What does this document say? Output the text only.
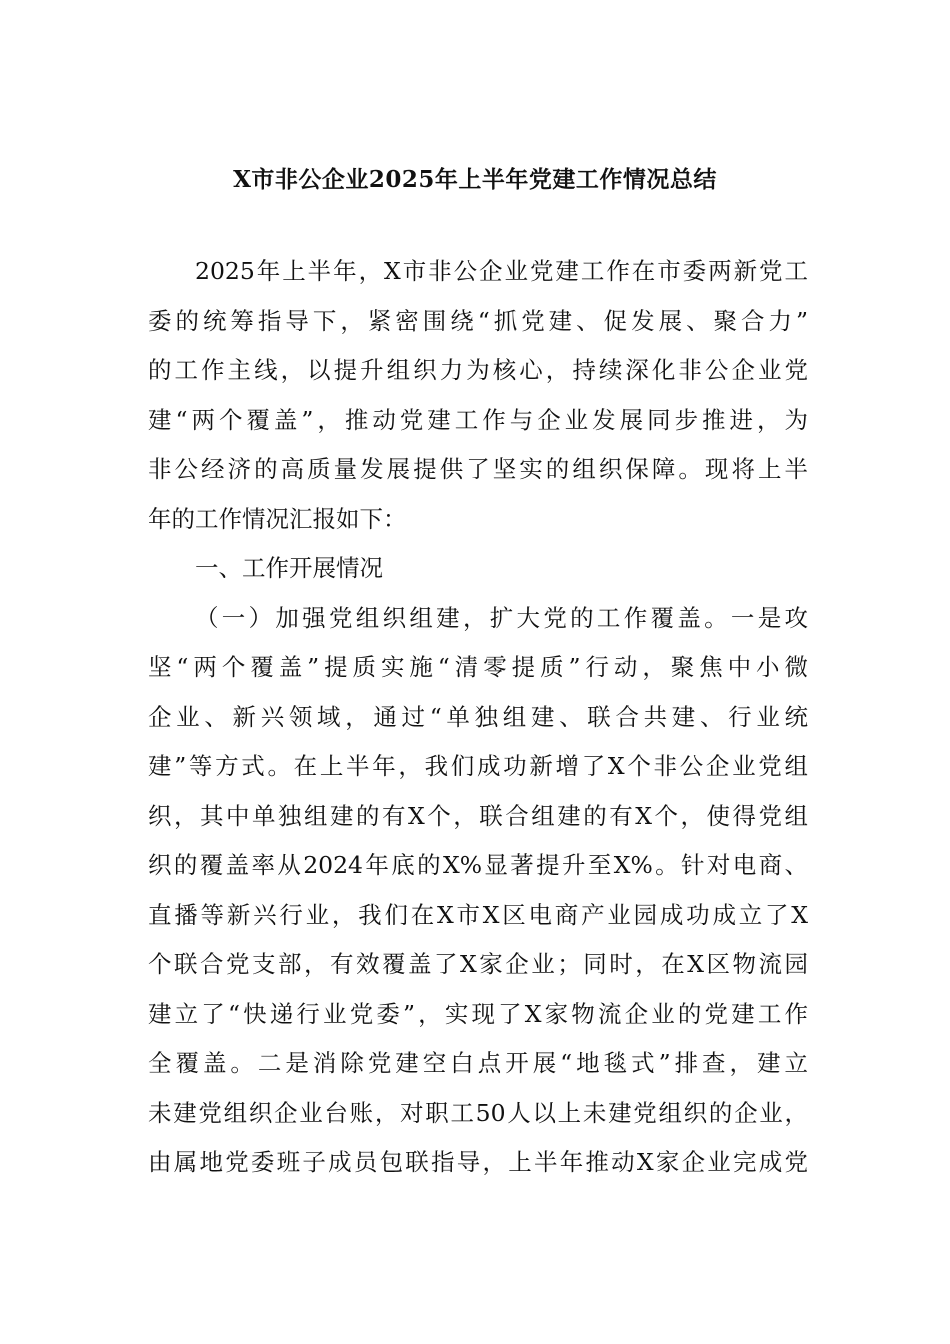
X市非公企业2025年上半年党建工作情况总结
2025年上半年，X市非公企业党建工作在市委两新党工
委的统筹指导下，紧密围绕“抓党建、促发展、聚合力”
的工作主线，以提升组织力为核心，持续深化非公企业党
建“两个覆盖”，推动党建工作与企业发展同步推进，为
非公经济的高质量发展提供了坚实的组织保障。现将上半
年的工作情况汇报如下：
一、工作开展情况
（一）加强党组织组建，扩大党的工作覆盖。一是攻
坚“两个覆盖”提质实施“清零提质”行动，聚焦中小微
企业、新兴领域，通过“单独组建、联合共建、行业统
建”等方式。在上半年，我们成功新增了X个非公企业党组
织，其中单独组建的有X个，联合组建的有X个，使得党组
织的覆盖率从2024年底的X%显著提升至X%。针对电商、
直播等新兴行业，我们在X市X区电商产业园成功成立了X
个联合党支部，有效覆盖了X家企业；同时，在X区物流园
建立了“快递行业党委”，实现了X家物流企业的党建工作
全覆盖。二是消除党建空白点开展“地毯式”排查，建立
未建党组织企业台账，对职工50人以上未建党组织的企业，
由属地党委班子成员包联指导，上半年推动X家企业完成党
